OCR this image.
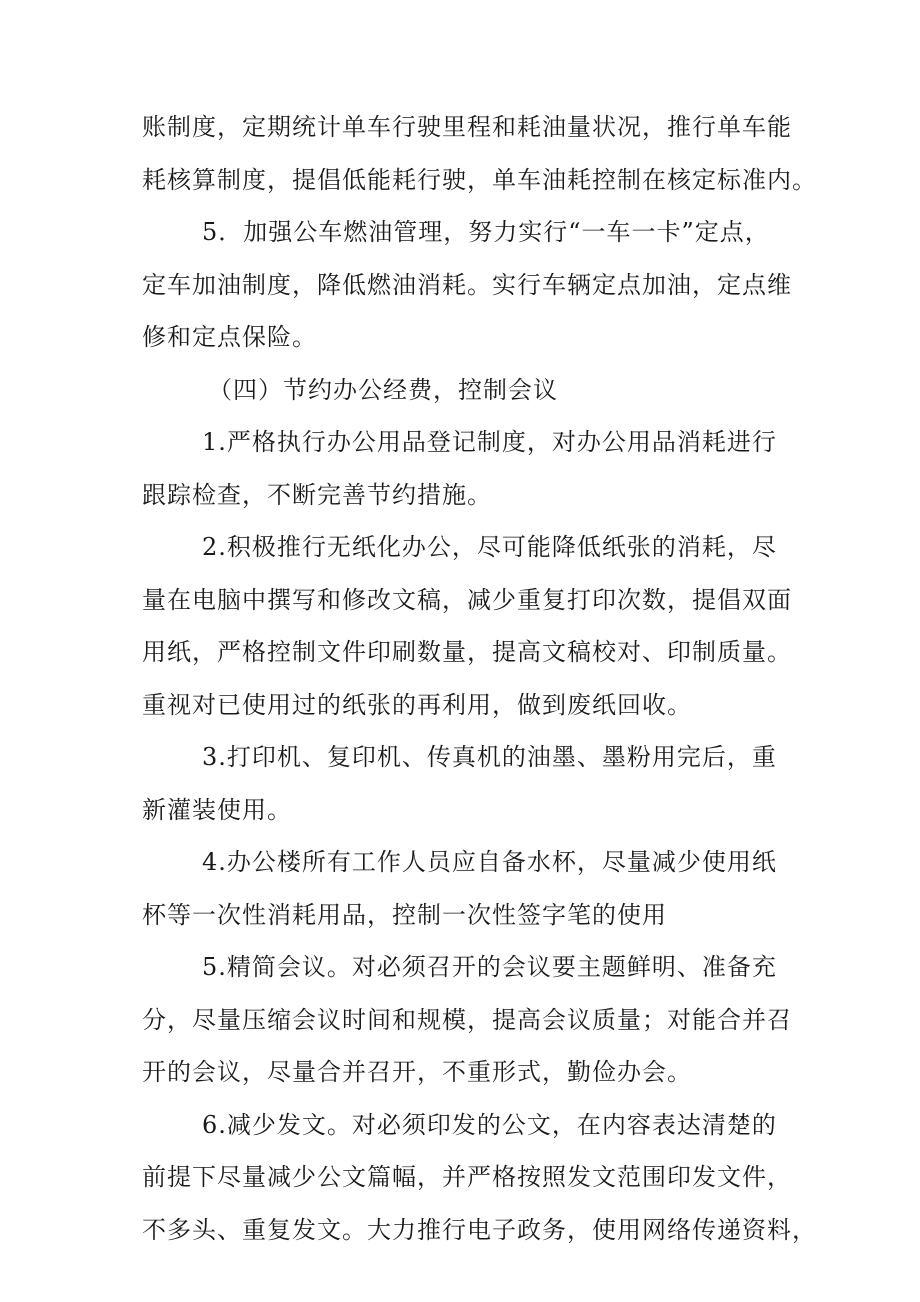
账制度，定期统计单车行驶里程和耗油量状况，推行单车能
耗核算制度，提倡低能耗行驶，单车油耗控制在核定标准内。
5．加强公车燃油管理，努力实行“一车一卡”定点，
定车加油制度，降低燃油消耗。实行车辆定点加油，定点维
修和定点保险。
（四）节约办公经费，控制会议
1.严格执行办公用品登记制度，对办公用品消耗进行
跟踪检查，不断完善节约措施。
2.积极推行无纸化办公，尽可能降低纸张的消耗，尽
量在电脑中撰写和修改文稿，减少重复打印次数，提倡双面
用纸，严格控制文件印刷数量，提高文稿校对、印制质量。
重视对已使用过的纸张的再利用，做到废纸回收。
3.打印机、复印机、传真机的油墨、墨粉用完后，重
新灌装使用。
4.办公楼所有工作人员应自备水杯，尽量减少使用纸
杯等一次性消耗用品，控制一次性签字笔的使用
5.精简会议。对必须召开的会议要主题鲜明、准备充
分，尽量压缩会议时间和规模，提高会议质量；对能合并召
开的会议，尽量合并召开，不重形式，勤俭办会。
6.减少发文。对必须印发的公文，在内容表达清楚的
前提下尽量减少公文篇幅，并严格按照发文范围印发文件，
不多头、重复发文。大力推行电子政务，使用网络传递资料，
